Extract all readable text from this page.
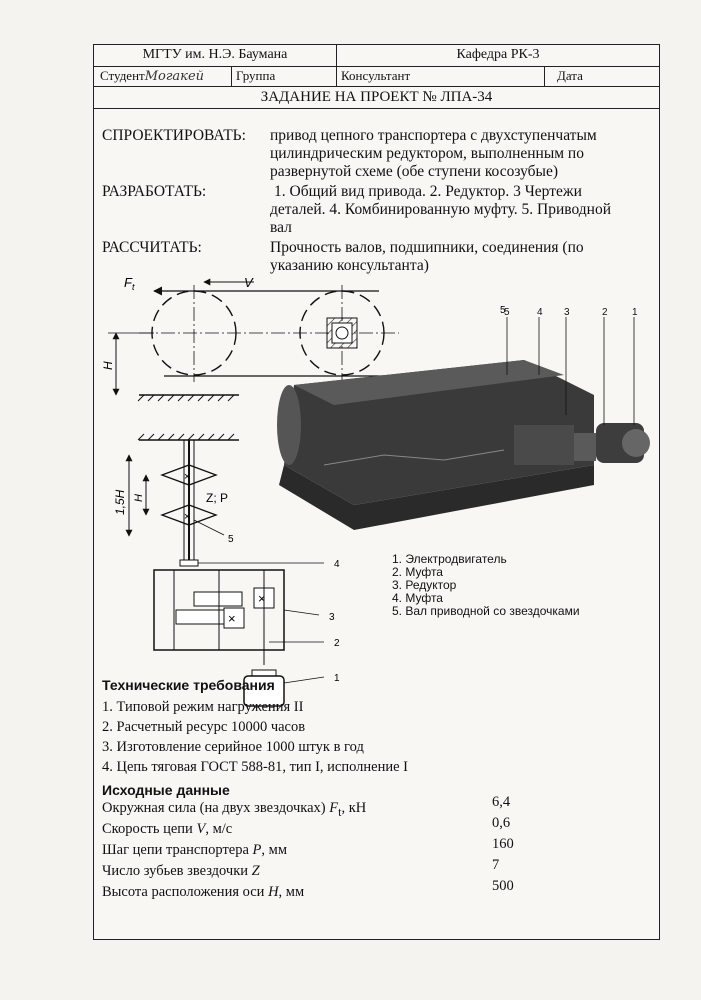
МГТУ им. Н.Э. Баумана	Кафедра РК-3
СтудентМогакей	Группа	Консультант	Дата
ЗАДАНИЕ НА ПРОЕКТ № ЛПА-34
СПРОЕКТИРОВАТЬ: привод цепного транспортера с двухступенчатым
цилиндрическим редуктором, выполненным по
развернутой схеме (обе ступени косозубые)
РАЗРАБОТАТЬ:	1. Общий вид привода. 2. Редуктор. 3 Чертежи
деталей. 4. Комбинированную муфту. 5. Приводной
вал
РАССЧИТАТЬ:	Прочность валов, подшипники, соединения (по
указанию консультанта)
$F_t$	V
H
×
×
Z; P
5
1,5H H
4
×
×	3
2
1
5
5	4 3	2 1
1. Электродвигатель
2. Муфта
3. Редуктор
4. Муфта
5. Вал приводной со звездочками
Технические требования
1. Типовой режим нагружения II
2. Расчетный ресурс 10000 часов
3. Изготовление серийное 1000 штук в год
4. Цепь тяговая ГОСТ 588-81, тип I, исполнение I
Исходные данные
Окружная сила (на двух звездочках) $F_t$, кН	6,4
Скорость цепи V, м/с	0,6
Шаг цепи транспортера P, мм	160
Число зубьев звездочки Z	7
Высота расположения оси H, мм	500
